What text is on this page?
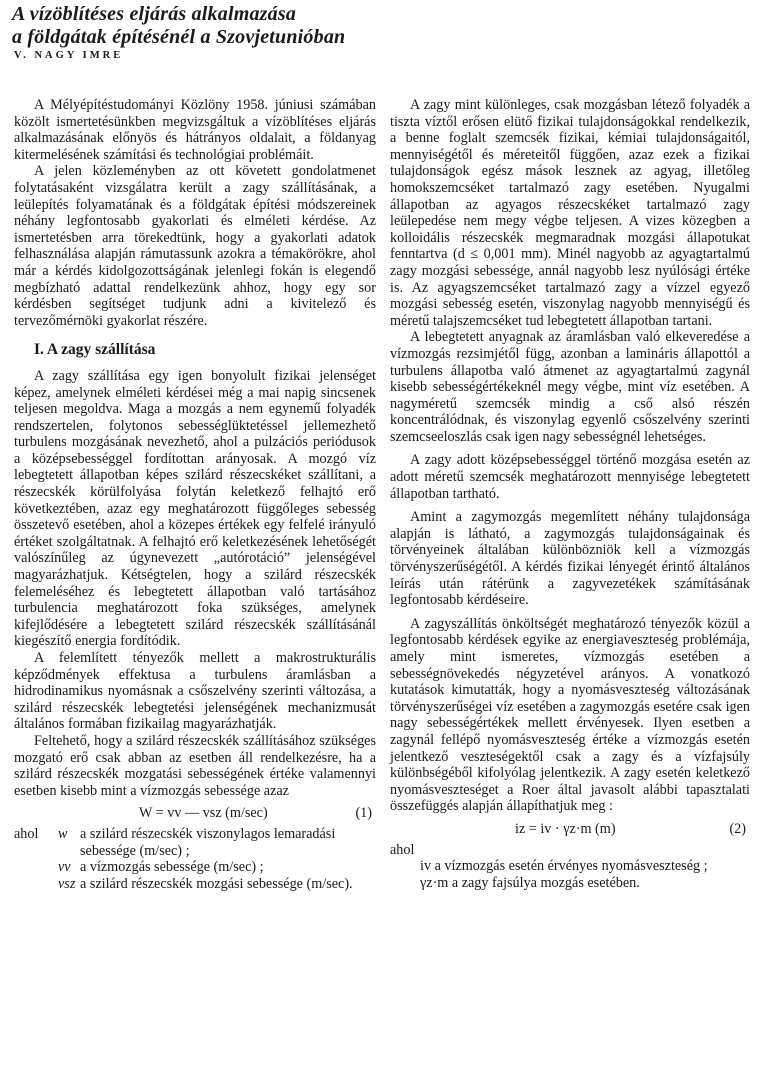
A vízöblítéses eljárás alkalmazása
a földgátak építésénél a Szovjetunióban
V. NAGY IMRE

A Mélyépítéstudományi Közlöny 1958. júniusi számában közölt ismertetésünkben megvizsgáltuk a vízöblítéses eljárás alkalmazásának előnyös és hátrányos oldalait, a földanyag kitermelésének számítási és technológiai problémáit.

A jelen közleményben az ott követett gondolatmenet folytatásaként vizsgálatra került a zagy szállításának, a leülepítés folyamatának és a földgátak építési módszereinek néhány legfontosabb gyakorlati és elméleti kérdése. Az ismertetésben arra törekedtünk, hogy a gyakorlati adatok felhasználása alapján rámutassunk azokra a témakörökre, ahol már a kérdés kidolgozottságának jelenlegi fokán is elegendő megbízható adattal rendelkezünk ahhoz, hogy egy sor kérdésben segítséget tudjunk adni a kivitelező és tervezőmérnöki gyakorlat részére.

I. A zagy szállítása

A zagy szállítása egy igen bonyolult fizikai jelenséget képez, amelynek elméleti kérdései még a mai napig sincsenek teljesen megoldva. Maga a mozgás a nem egynemű folyadék rendszertelen, folytonos sebességlüktetéssel jellemezhető turbulens mozgásának nevezhető, ahol a pulzációs periódusok a középsebességgel fordítottan arányosak. A mozgó víz lebegtetett állapotban képes szilárd részecskéket szállítani, a részecskék körülfolyása folytán keletkező felhajtó erő következtében, azaz egy meghatározott függőleges sebesség összetevő esetében, ahol a közepes értékek egy felfelé irányuló értéket szolgáltatnak. A felhajtó erő keletkezésének lehetőségét valószínűleg az úgynevezett „autórotáció” jelenségével magyarázhatjuk. Kétségtelen, hogy a szilárd részecskék felemeléséhez és lebegtetett állapotban való tartásához turbulencia meghatározott foka szükséges, amelynek kifejlődésére a lebegtetett szilárd részecskék szállításánál kiegészítő energia fordítódik.

A felemlített tényezők mellett a makrostrukturális képződmények effektusa a turbulens áramlásban a hidrodinamikus nyomásnak a csőszelvény szerinti változása, a szilárd részecskék lebegtetési jelenségének mechanizmusát általános formában fizikailag magyarázhatják.

Feltehető, hogy a szilárd részecskék szállításához szükséges mozgató erő csak abban az esetben áll rendelkezésre, ha a szilárd részecskék mozgatási sebességének értéke valamennyi esetben kisebb mint a vízmozgás sebessége azaz

W = vv — vsz (m/sec)	(1)
ahol	w a szilárd részecskék viszonylagos lemaradási sebessége (m/sec) ;
vv a vízmozgás sebessége (m/sec) ;
vsz a szilárd részecskék mozgási sebessége (m/sec).

A zagy mint különleges, csak mozgásban létező folyadék a tiszta víztől erősen elütő fizikai tulajdonságokkal rendelkezik, a benne foglalt szemcsék fizikai, kémiai tulajdonságaitól, mennyiségétől és méreteitől függően, azaz ezek a fizikai tulajdonságok egész mások lesznek az agyag, illetőleg homokszemcséket tartalmazó zagy esetében. Nyugalmi állapotban az agyagos részecskéket tartalmazó zagy leülepedése nem megy végbe teljesen. A vizes közegben a kolloidális részecskék megmaradnak mozgási állapotukat fenntartva (d ≤ 0,001 mm). Minél nagyobb az agyagtartalmú zagy mozgási sebessége, annál nagyobb lesz nyúlósági értéke is. Az agyagszemcséket tartalmazó zagy a vízzel egyező mozgási sebesség esetén, viszonylag nagyobb mennyiségű és méretű talajszemcséket tud lebegtetett állapotban tartani.

A lebegtetett anyagnak az áramlásban való elkeveredése a vízmozgás rezsimjétől függ, azonban a lamináris állapottól a turbulens állapotba való átmenet az agyagtartalmú zagynál kisebb sebességértékeknél megy végbe, mint víz esetében. A nagyméretű szemcsék mindig a cső alsó részén koncentrálódnak, és viszonylag egyenlő csőszelvény szerinti szemcseeloszlás csak igen nagy sebességnél lehetséges.

A zagy adott középsebességgel történő mozgása esetén az adott méretű szemcsék meghatározott mennyisége lebegtetett állapotban tartható.

Amint a zagymozgás megemlített néhány tulajdonsága alapján is látható, a zagymozgás tulajdonságainak és törvényeinek általában különbözniök kell a vízmozgás törvényszerűségétől. A kérdés fizikai lényegét érintő általános leírás után rátérünk a zagyvezetékek számításának legfontosabb kérdéseire.

A zagyszállítás önköltségét meghatározó tényezők közül a legfontosabb kérdések egyike az energiaveszteség problémája, amely mint ismeretes, vízmozgás esetében a sebességnövekedés négyzetével arányos. A vonatkozó kutatások kimutatták, hogy a nyomásveszteség változásának törvényszerűségei víz esetében a zagymozgás esetére csak igen nagy sebességértékek mellett érvényesek. Ilyen esetben a zagynál fellépő nyomásveszteség értéke a vízmozgás esetén jelentkező veszteségektől csak a zagy és a vízfajsúly különbségéből kifolyólag jelentkezik. A zagy esetén keletkező nyomásveszteséget a Roer által javasolt alábbi tapasztalati összefüggés alapján állapíthatjuk meg :

iz = iv · γz·m (m)	(2)
ahol
iv a vízmozgás esetén érvényes nyomásveszteség ;
γz·m a zagy fajsúlya mozgás esetében.
